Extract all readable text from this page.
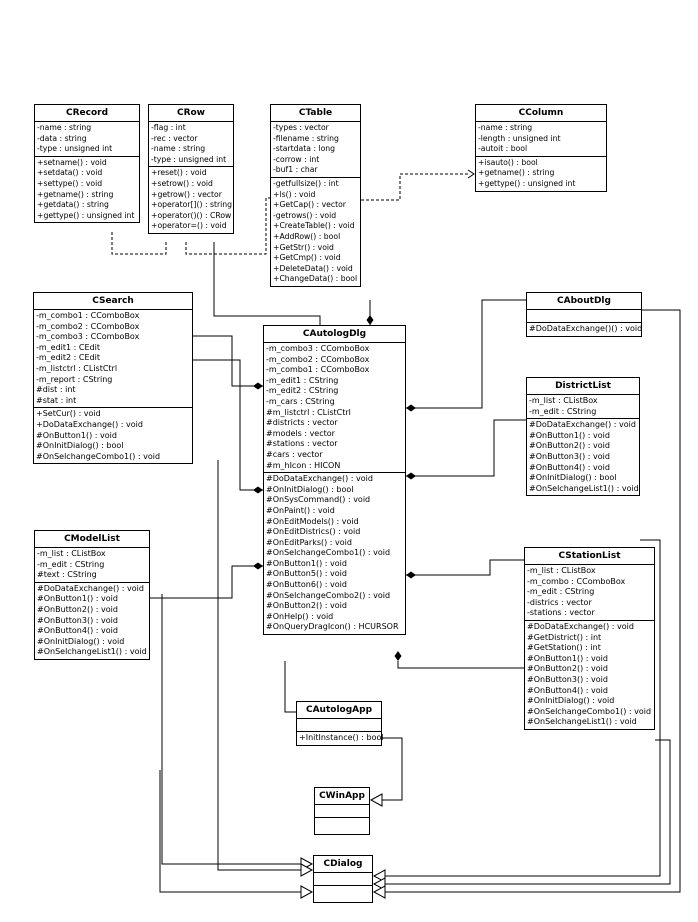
CRecord
-name : string
-data : string
-type : unsigned int
+setname() : void
+setdata() : void
+settype() : void
+getname() : string
+getdata() : string
+gettype() : unsigned int
CRow
-flag : int
-rec : vector
-name : string
-type : unsigned int
+reset() : void
+setrow() : void
+getrow() : vector
+operator[]() : string
+operator()() : CRow
+operator=() : void
CTable
-types : vector
-filename : string
-startdata : long
-corrow : int
-buf1 : char
-getfullsize() : int
+ls() : void
+GetCap() : vector
-getrows() : void
+CreateTable() : void
+AddRow() : bool
+GetStr() : void
+GetCmp() : void
+DeleteData() : void
+ChangeData() : bool
CColumn
-name : string
-length : unsigned int
-autoit : bool
+isauto() : bool
+getname() : string
+gettype() : unsigned int
CSearch
-m_combo1 : CComboBox
-m_combo2 : CComboBox
-m_combo3 : CComboBox
-m_edit1 : CEdit
-m_edit2 : CEdit
-m_listctrl : CListCtrl
-m_report : CString
#dist : int
#stat : int
+SetCur() : void
+DoDataExchange() : void
#OnButton1() : void
#OnInitDialog() : bool
#OnSelchangeCombo1() : void
CAutologDlg
-m_combo3 : CComboBox
-m_combo2 : CComboBox
-m_combo1 : CComboBox
-m_edit1 : CString
-m_edit2 : CString
-m_cars : CString
#m_listctrl : CListCtrl
#districts : vector
#models : vector
#stations : vector
#cars : vector
#m_hIcon : HICON
#DoDataExchange() : void
#OnInitDialog() : bool
#OnSysCommand() : void
#OnPaint() : void
#OnEditModels() : void
#OnEditDistrics() : void
#OnEditParks() : void
#OnSelchangeCombo1() : void
#OnButton1() : void
#OnButton5() : void
#OnButton6() : void
#OnSelchangeCombo2() : void
#OnButton2() : void
#OnHelp() : void
#OnQueryDragIcon() : HCURSOR
CAboutDlg
#DoDataExchange()() : void
DistrictList
-m_list : CListBox
-m_edit : CString
#DoDataExchange() : void
#OnButton1() : void
#OnButton2() : void
#OnButton3() : void
#OnButton4() : void
#OnInitDialog() : bool
#OnSelchangeList1() : void
CModelList
-m_list : CListBox
-m_edit : CString
#text : CString
#DoDataExchange() : void
#OnButton1() : void
#OnButton2() : void
#OnButton3() : void
#OnButton4() : void
#OnInitDialog() : void
#OnSelchangeList1() : void
CStationList
-m_list : CListBox
-m_combo : CComboBox
-m_edit : CString
-districs : vector
-stations : vector
#DoDataExchange() : void
#GetDistrict() : int
#GetStation() : int
#OnButton1() : void
#OnButton2() : void
#OnButton3() : void
#OnButton4() : void
#OnInitDialog() : void
#OnSelchangeCombo1() : void
#OnSelchangeList1() : void
CAutologApp
+InitInstance() : bool
CWinApp
CDialog
